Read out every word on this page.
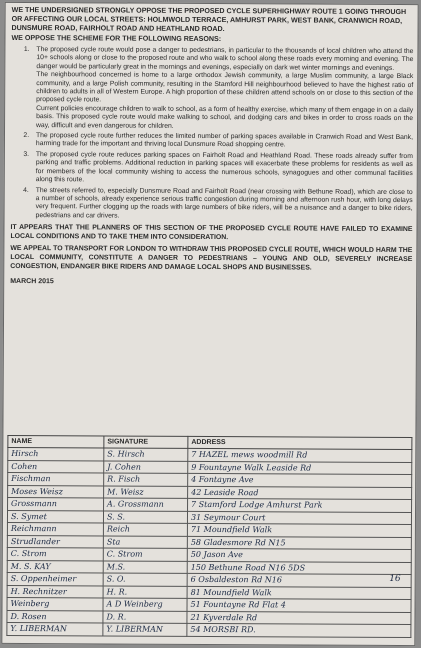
WE THE UNDERSIGNED STRONGLY OPPOSE THE PROPOSED CYCLE SUPERHIGHWAY ROUTE 1 GOING THROUGH OR AFFECTING OUR LOCAL STREETS: HOLMWOLD TERRACE, AMHURST PARK, WEST BANK, CRANWICH ROAD, DUNSMURE ROAD, FAIRHOLT ROAD AND HEATHLAND ROAD.

WE OPPOSE THE SCHEME FOR THE FOLLOWING REASONS:

1. The proposed cycle route would pose a danger to pedestrians, in particular to the thousands of local children who attend the 10+ schools along or close to the proposed route and who walk to school along these roads every morning and evening. The danger would be particularly great in the mornings and evenings, especially on dark wet winter mornings and evenings.

The neighbourhood concerned is home to a large orthodox Jewish community, a large Muslim community, a large Black community, and a large Polish community, resulting in the Stamford Hill neighbourhood believed to have the highest ratio of children to adults in all of Western Europe. A high proportion of these children attend schools on or close to this section of the proposed cycle route.

Current policies encourage children to walk to school, as a form of healthy exercise, which many of them engage in on a daily basis. This proposed cycle route would make walking to school, and dodging cars and bikes in order to cross roads on the way, difficult and even dangerous for children.

2. The proposed cycle route further reduces the limited number of parking spaces available in Cranwich Road and West Bank, harming trade for the important and thriving local Dunsmure Road shopping centre.

3. The proposed cycle route reduces parking spaces on Fairholt Road and Heathland Road. These roads already suffer from parking and traffic problems. Additional reduction in parking spaces will exacerbate these problems for residents as well as for members of the local community wishing to access the numerous schools, synagogues and other communal facilities along this route.

4. The streets referred to, especially Dunsmure Road and Fairholt Road (near crossing with Bethune Road), which are close to a number of schools, already experience serious traffic congestion during morning and afternoon rush hour, with long delays very frequent. Further clogging up the roads with large numbers of bike riders, will be a nuisance and a danger to bike riders, pedestrians and car drivers.

IT APPEARS THAT THE PLANNERS OF THIS SECTION OF THE PROPOSED CYCLE ROUTE HAVE FAILED TO EXAMINE LOCAL CONDITIONS AND TO TAKE THEM INTO CONSIDERATION.

WE APPEAL TO TRANSPORT FOR LONDON TO WITHDRAW THIS PROPOSED CYCLE ROUTE, WHICH WOULD HARM THE LOCAL COMMUNITY, CONSTITUTE A DANGER TO PEDESTRIANS – YOUNG AND OLD, SEVERELY INCREASE CONGESTION, ENDANGER BIKE RIDERS AND DAMAGE LOCAL SHOPS AND BUSINESSES.

MARCH 2015

NAME	SIGNATURE	ADDRESS
Hirsch	S. Hirsch	7 HAZEL mews woodmill Rd
Cohen	J. Cohen	9 Fountayne Walk Leaside Rd
Fischman	R. Fisch	4 Fontayne Ave
Moses Weisz	M. Weisz	42 Leaside Road
Grossmann	A. Grossmann	7 Stamford Lodge Amhurst Park
S. Symet	S. S.	31 Seymour Court
Reichmann	Reich	71 Moundfield Walk
Strudlander	Sta	58 Gladesmore Rd N15
C. Strom	C. Strom	50 Jason Ave
M. S. KAY	M.S.	150 Bethune Road N16 5DS
S. Oppenheimer	S. O.	6 Osbaldeston Rd N16
H. Rechnitzer	H. R.	81 Moundfield Walk
Weinberg	A D Weinberg	51 Fountayne Rd Flat 4
D. Rosen	D. R.	21 Kyverdale Rd
Y. LIBERMAN	Y. LIBERMAN	54 MORSBI RD.
16
